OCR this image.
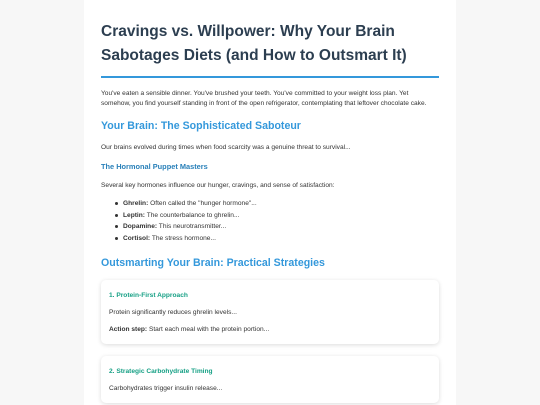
Cravings vs. Willpower: Why Your Brain Sabotages Diets (and How to Outsmart It)

You've eaten a sensible dinner. You've brushed your teeth. You've committed to your weight loss plan. Yet somehow, you find yourself standing in front of the open refrigerator, contemplating that leftover chocolate cake.

Your Brain: The Sophisticated Saboteur

Our brains evolved during times when food scarcity was a genuine threat to survival...

The Hormonal Puppet Masters

Several key hormones influence our hunger, cravings, and sense of satisfaction:

Ghrelin: Often called the "hunger hormone"...
Leptin: The counterbalance to ghrelin...
Dopamine: This neurotransmitter...
Cortisol: The stress hormone...
Outsmarting Your Brain: Practical Strategies
1. Protein-First Approach

Protein significantly reduces ghrelin levels...

Action step: Start each meal with the protein portion...

2. Strategic Carbohydrate Timing

Carbohydrates trigger insulin release...
